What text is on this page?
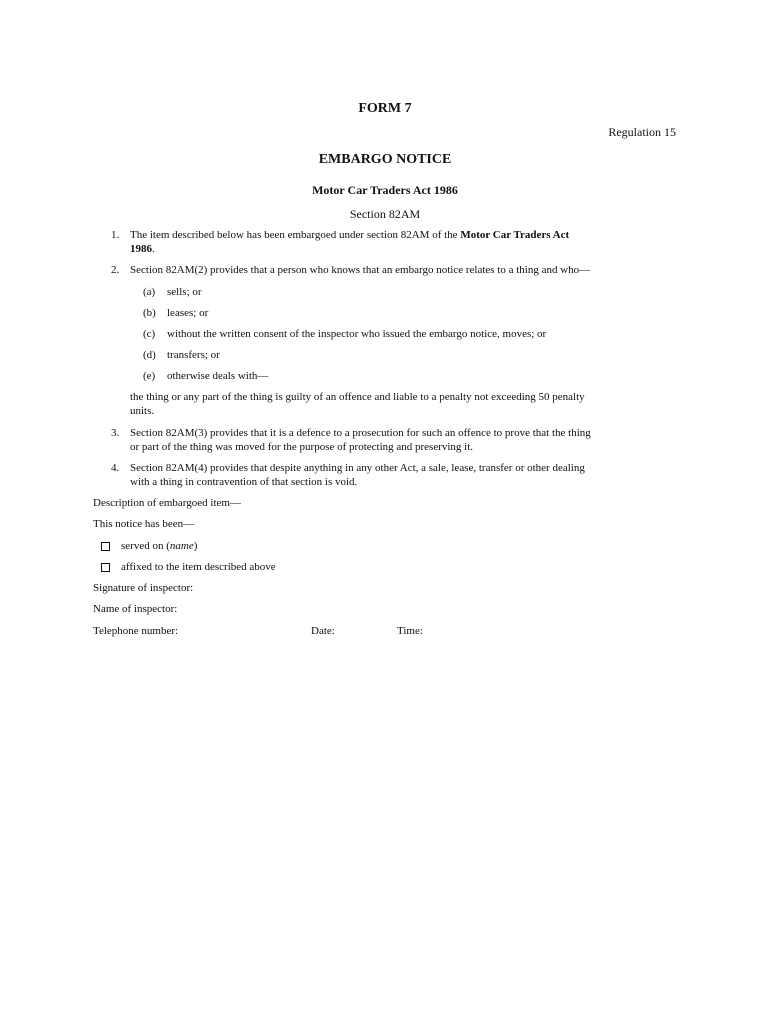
FORM 7
Regulation 15
EMBARGO NOTICE
Motor Car Traders Act 1986
Section 82AM
1. The item described below has been embargoed under section 82AM of the Motor Car Traders Act
1986.
2. Section 82AM(2) provides that a person who knows that an embargo notice relates to a thing and who—
(a) sells; or
(b) leases; or
(c) without the written consent of the inspector who issued the embargo notice, moves; or
(d) transfers; or
(e) otherwise deals with—
the thing or any part of the thing is guilty of an offence and liable to a penalty not exceeding 50 penalty
units.
3. Section 82AM(3) provides that it is a defence to a prosecution for such an offence to prove that the thing
or part of the thing was moved for the purpose of protecting and preserving it.
4. Section 82AM(4) provides that despite anything in any other Act, a sale, lease, transfer or other dealing
with a thing in contravention of that section is void.
Description of embargoed item—
This notice has been—
served on (name)
affixed to the item described above
Signature of inspector:
Name of inspector:
Telephone number:	Date:	Time:
